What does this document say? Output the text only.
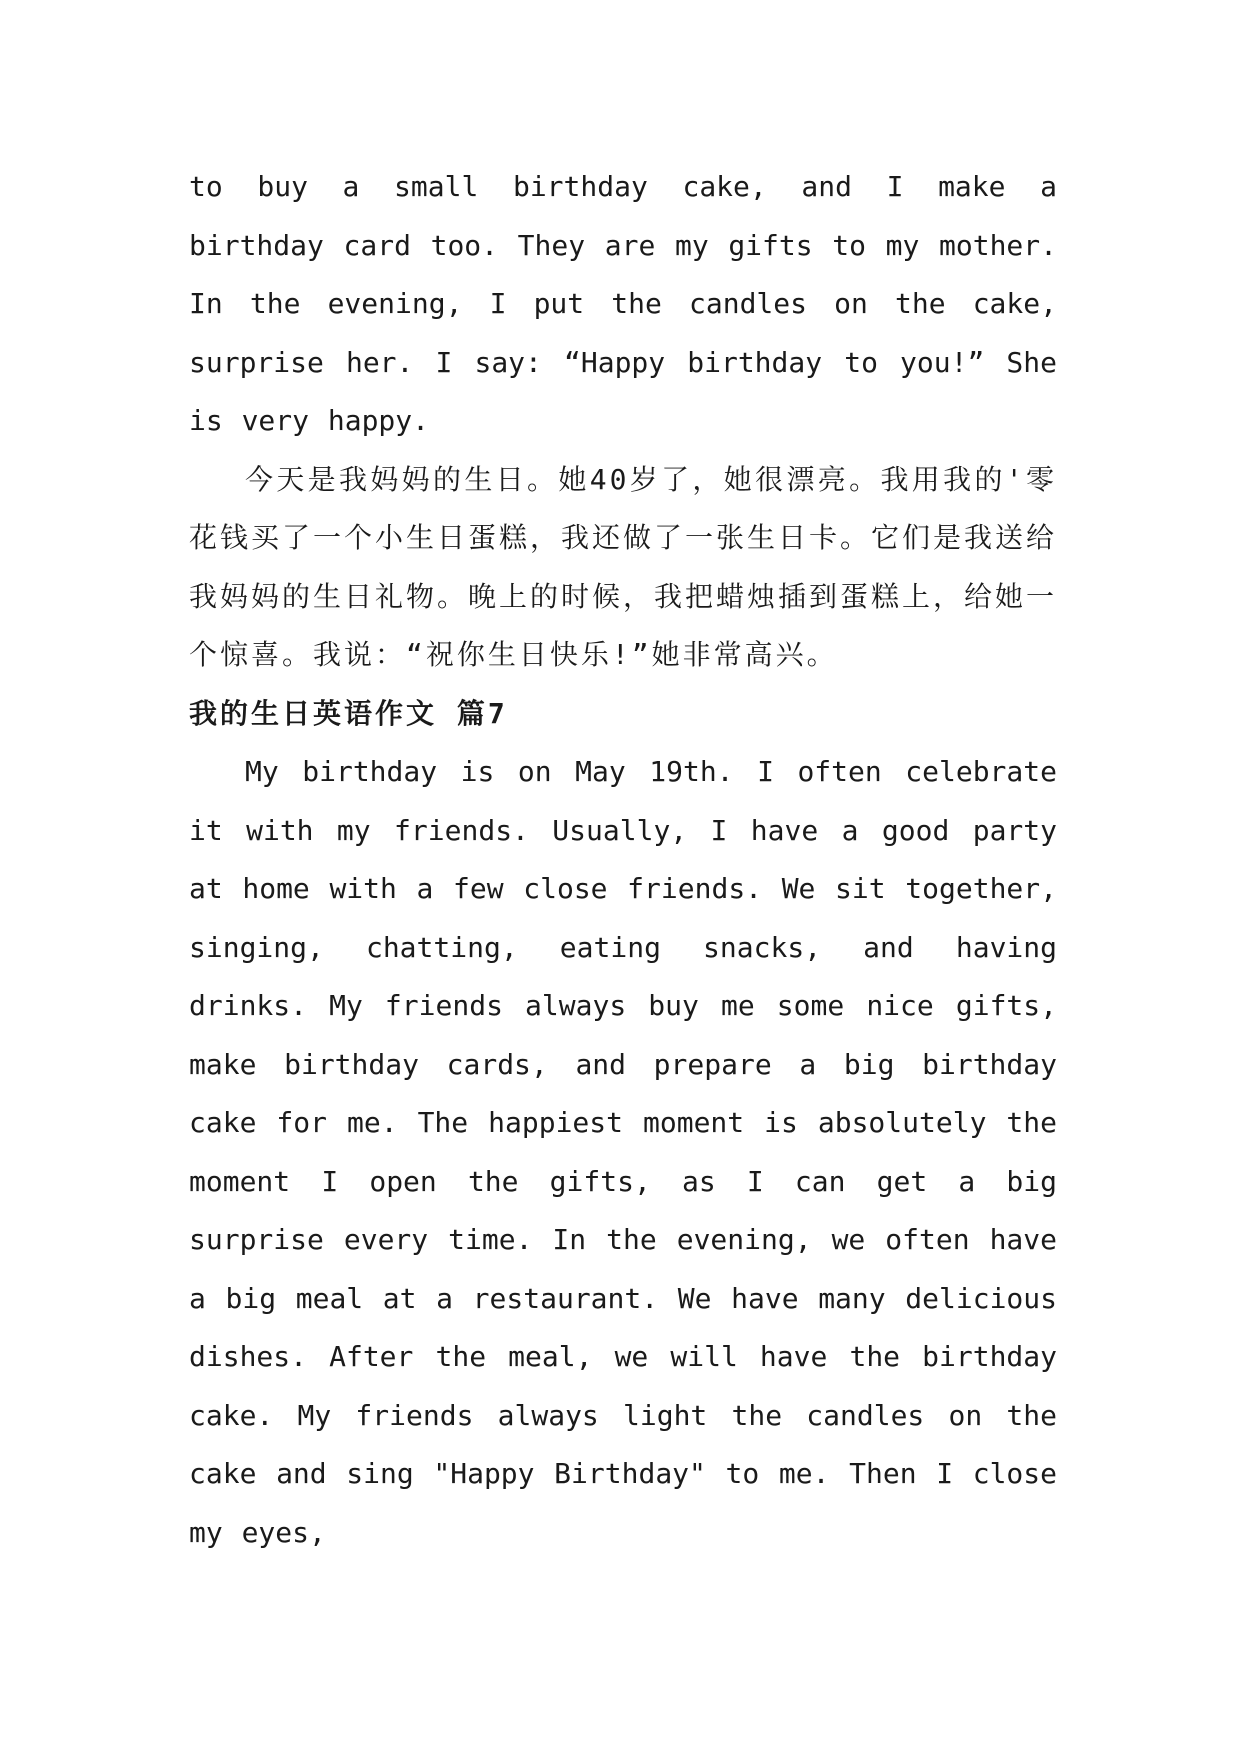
to buy a small birthday cake, and I make a birthday card too. They are my gifts to my mother. In the evening, I put the candles on the cake, surprise her. I say: “Happy birthday to you!” She is very happy.

今天是我妈妈的生日。她40岁了，她很漂亮。我用我的'零花钱买了一个小生日蛋糕，我还做了一张生日卡。它们是我送给我妈妈的生日礼物。晚上的时候，我把蜡烛插到蛋糕上，给她一个惊喜。我说：“祝你生日快乐!”她非常高兴。

我的生日英语作文 篇7

My birthday is on May 19th. I often celebrate it with my friends. Usually, I have a good party at home with a few close friends. We sit together, singing, chatting, eating snacks, and having drinks. My friends always buy me some nice gifts, make birthday cards, and prepare a big birthday cake for me. The happiest moment is absolutely the moment I open the gifts, as I can get a big surprise every time. In the evening, we often have a big meal at a restaurant. We have many delicious dishes. After the meal, we will have the birthday cake. My friends always light the candles on the cake and sing "Happy Birthday" to me. Then I close my eyes,
